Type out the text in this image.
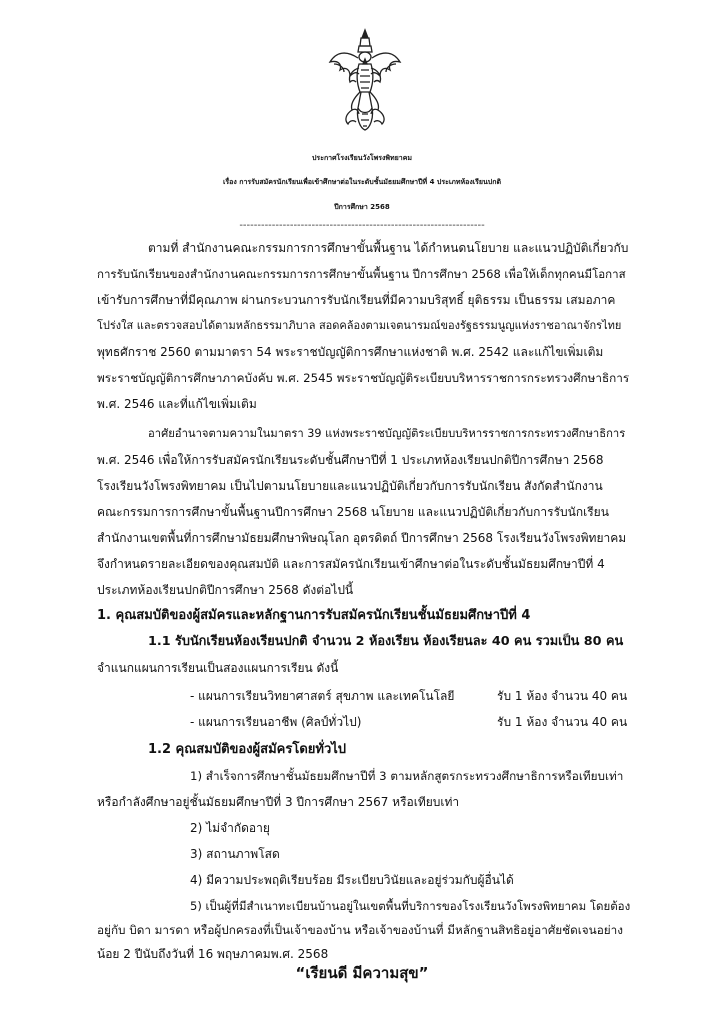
ประกาศโรงเรียนวังโพรงพิทยาคม
เรื่อง การรับสมัครนักเรียนเพื่อเข้าศึกษาต่อในระดับชั้นมัธยมศึกษาปีที่ 4 ประเภทห้องเรียนปกติ
ปีการศึกษา 2568
--------------------------------------------------------------------
ตามที่ สำนักงานคณะกรรมการการศึกษาขั้นพื้นฐาน ได้กำหนดนโยบาย และแนวปฏิบัติเกี่ยวกับ
การรับนักเรียนของสำนักงานคณะกรรมการการศึกษาขั้นพื้นฐาน ปีการศึกษา 2568 เพื่อให้เด็กทุกคนมีโอกาส
เข้ารับการศึกษาที่มีคุณภาพ ผ่านกระบวนการรับนักเรียนที่มีความบริสุทธิ์ ยุติธรรม เป็นธรรม เสมอภาค
โปร่งใส และตรวจสอบได้ตามหลักธรรมาภิบาล สอดคล้องตามเจตนารมณ์ของรัฐธรรมนูญแห่งราชอาณาจักรไทย
พุทธศักราช 2560 ตามมาตรา 54 พระราชบัญญัติการศึกษาแห่งชาติ พ.ศ. 2542 และแก้ไขเพิ่มเติม
พระราชบัญญัติการศึกษาภาคบังคับ พ.ศ. 2545 พระราชบัญญัติระเบียบบริหารราชการกระทรวงศึกษาธิการ
พ.ศ. 2546 และที่แก้ไขเพิ่มเติม
อาศัยอำนาจตามความในมาตรา 39 แห่งพระราชบัญญัติระเบียบบริหารราชการกระทรวงศึกษาธิการ
พ.ศ. 2546 เพื่อให้การรับสมัครนักเรียนระดับชั้นศึกษาปีที่ 1 ประเภทห้องเรียนปกติปีการศึกษา 2568
โรงเรียนวังโพรงพิทยาคม เป็นไปตามนโยบายและแนวปฏิบัติเกี่ยวกับการรับนักเรียน สังกัดสำนักงาน
คณะกรรมการการศึกษาขั้นพื้นฐานปีการศึกษา 2568 นโยบาย และแนวปฏิบัติเกี่ยวกับการรับนักเรียน
สำนักงานเขตพื้นที่การศึกษามัธยมศึกษาพิษณุโลก อุตรดิตถ์ ปีการศึกษา 2568 โรงเรียนวังโพรงพิทยาคม
จึงกำหนดรายละเอียดของคุณสมบัติ และการสมัครนักเรียนเข้าศึกษาต่อในระดับชั้นมัธยมศึกษาปีที่ 4
ประเภทห้องเรียนปกติปีการศึกษา 2568 ดังต่อไปนี้
1. คุณสมบัติของผู้สมัครและหลักฐานการรับสมัครนักเรียนชั้นมัธยมศึกษาปีที่ 4
1.1 รับนักเรียนห้องเรียนปกติ จำนวน 2 ห้องเรียน ห้องเรียนละ 40 คน รวมเป็น 80 คน
จำแนกแผนการเรียนเป็นสองแผนการเรียน ดังนี้
- แผนการเรียนวิทยาศาสตร์ สุขภาพ และเทคโนโลยี	รับ 1 ห้อง จำนวน 40 คน
- แผนการเรียนอาชีพ (ศิลป์ทั่วไป)	รับ 1 ห้อง จำนวน 40 คน
1.2 คุณสมบัติของผู้สมัครโดยทั่วไป
1) สำเร็จการศึกษาชั้นมัธยมศึกษาปีที่ 3 ตามหลักสูตรกระทรวงศึกษาธิการหรือเทียบเท่า
หรือกำลังศึกษาอยู่ชั้นมัธยมศึกษาปีที่ 3 ปีการศึกษา 2567 หรือเทียบเท่า
2) ไม่จำกัดอายุ
3) สถานภาพโสด
4) มีความประพฤติเรียบร้อย มีระเบียบวินัยและอยู่ร่วมกับผู้อื่นได้
5) เป็นผู้ที่มีสำเนาทะเบียนบ้านอยู่ในเขตพื้นที่บริการของโรงเรียนวังโพรงพิทยาคม โดยต้อง
อยู่กับ บิดา มารดา หรือผู้ปกครองที่เป็นเจ้าของบ้าน หรือเจ้าของบ้านที่ มีหลักฐานสิทธิอยู่อาศัยชัดเจนอย่าง
น้อย 2 ปีนับถึงวันที่ 16 พฤษภาคมพ.ศ. 2568
“เรียนดี มีความสุข”
